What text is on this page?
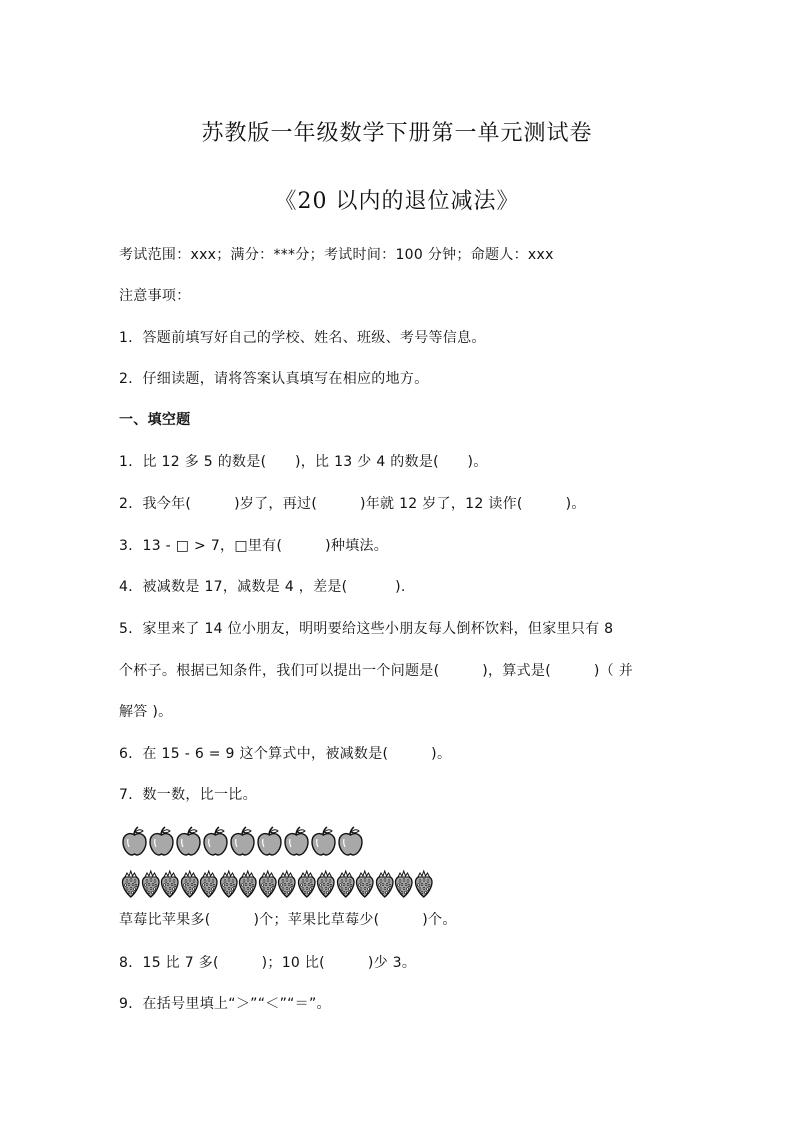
苏教版一年级数学下册第一单元测试卷
《20 以内的退位减法》
考试范围：xxx；满分：***分；考试时间：100 分钟；命题人：xxx
注意事项：
1．答题前填写好自己的学校、姓名、班级、考号等信息。
2．仔细读题，请将答案认真填写在相应的地方。
一、填空题
1．比 12 多 5 的数是(　　)，比 13 少 4 的数是(　　)。
2．我今年(　　　)岁了，再过(　　　)年就 12 岁了，12 读作(　　　)。
3．13 - □ > 7，□里有(　　　)种填法。
4．被减数是 17，减数是 4 ，差是(　　　 ).
5．家里来了 14 位小朋友，明明要给这些小朋友每人倒杯饮料，但家里只有 8
个杯子。根据已知条件，我们可以提出一个问题是(　　　)，算式是(　　　)（ 并
解答 )。
6．在 15 - 6 = 9 这个算式中，被减数是(　　　)。
7．数一数，比一比。
草莓比苹果多(　　　)个；苹果比草莓少(　　　)个。
8．15 比 7 多(　　　)；10 比(　　　)少 3。
9．在括号里填上“＞”“＜”“＝”。
